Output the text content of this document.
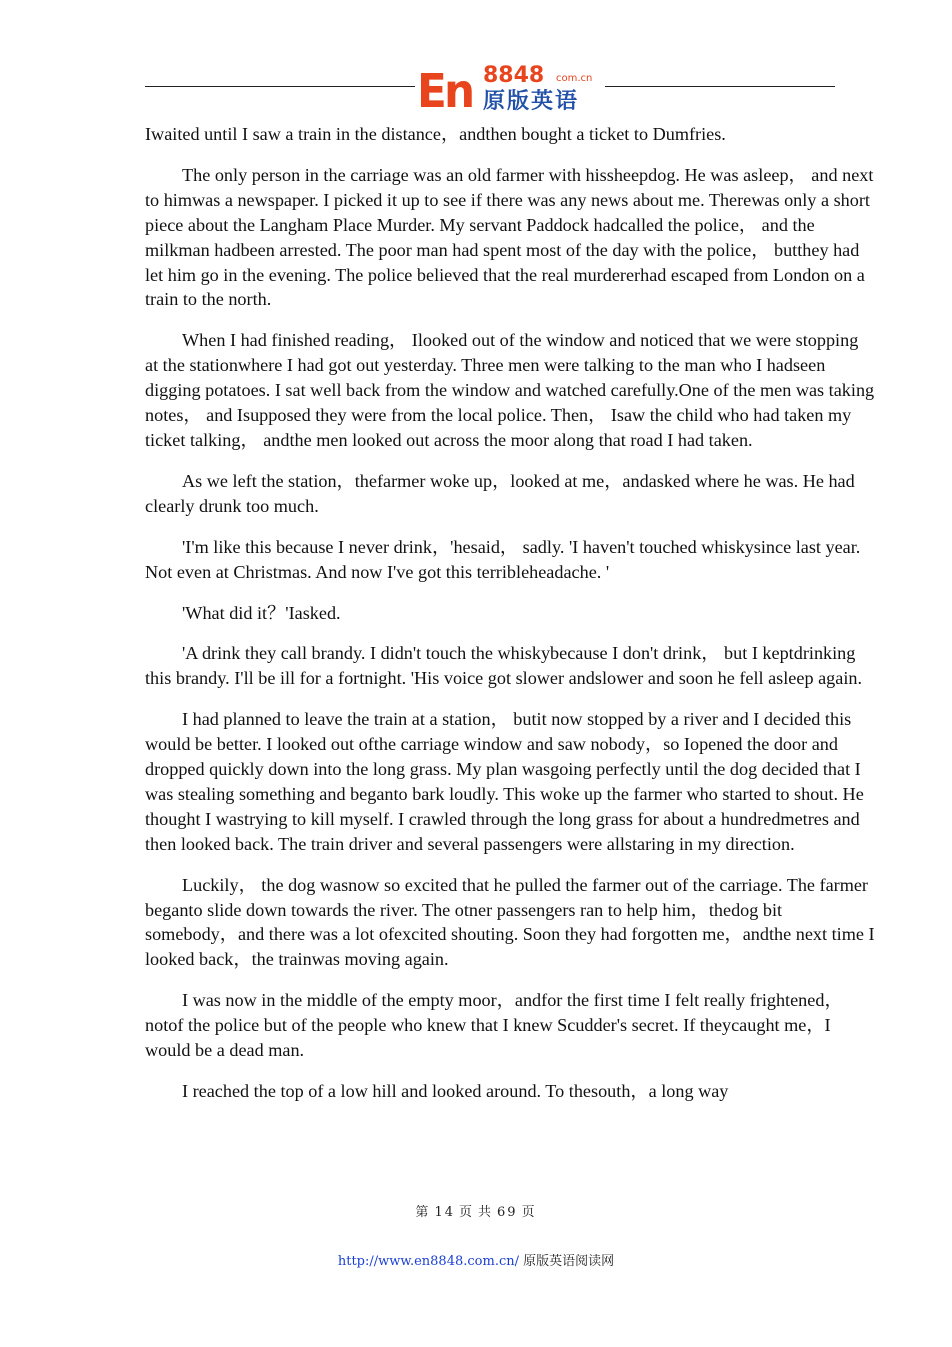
En 8848 com.cn
原版英语

Iwaited until I saw a train in the distance，andthen bought a ticket to Dumfries.

The only person in the carriage was an old farmer with hissheepdog. He was asleep， and next to himwas a newspaper. I picked it up to see if there was any news about me. Therewas only a short piece about the Langham Place Murder. My servant Paddock hadcalled the police， and the milkman hadbeen arrested. The poor man had spent most of the day with the police， butthey had let him go in the evening. The police believed that the real murdererhad escaped from London on a train to the north.

When I had finished reading， Ilooked out of the window and noticed that we were stopping at the stationwhere I had got out yesterday. Three men were talking to the man who I hadseen digging potatoes. I sat well back from the window and watched carefully.One of the men was taking notes， and Isupposed they were from the local police. Then， Isaw the child who had taken my ticket talking， andthe men looked out across the moor along that road I had taken.

As we left the station，thefarmer woke up，looked at me，andasked where he was. He had clearly drunk too much.

'I'm like this because I never drink，'hesaid， sadly. 'I haven't touched whiskysince last year. Not even at Christmas. And now I've got this terribleheadache. '

'What did it？'Iasked.

'A drink they call brandy. I didn't touch the whiskybecause I don't drink， but I keptdrinking this brandy. I'll be ill for a fortnight. 'His voice got slower andslower and soon he fell asleep again.

I had planned to leave the train at a station， butit now stopped by a river and I decided this would be better. I looked out ofthe carriage window and saw nobody，so Iopened the door and dropped quickly down into the long grass. My plan wasgoing perfectly until the dog decided that I was stealing something and beganto bark loudly. This woke up the farmer who started to shout. He thought I wastrying to kill myself. I crawled through the long grass for about a hundredmetres and then looked back. The train driver and several passengers were allstaring in my direction.

Luckily， the dog wasnow so excited that he pulled the farmer out of the carriage. The farmer beganto slide down towards the river. The otner passengers ran to help him，thedog bit somebody，and there was a lot ofexcited shouting. Soon they had forgotten me，andthe next time I looked back，the trainwas moving again.

I was now in the middle of the empty moor，andfor the first time I felt really frightened，notof the police but of the people who knew that I knew Scudder's secret. If theycaught me，I would be a dead man.

I reached the top of a low hill and looked around. To thesouth，a long way

第 14 页 共 69 页
http://www.en8848.com.cn/ 原版英语阅读网
